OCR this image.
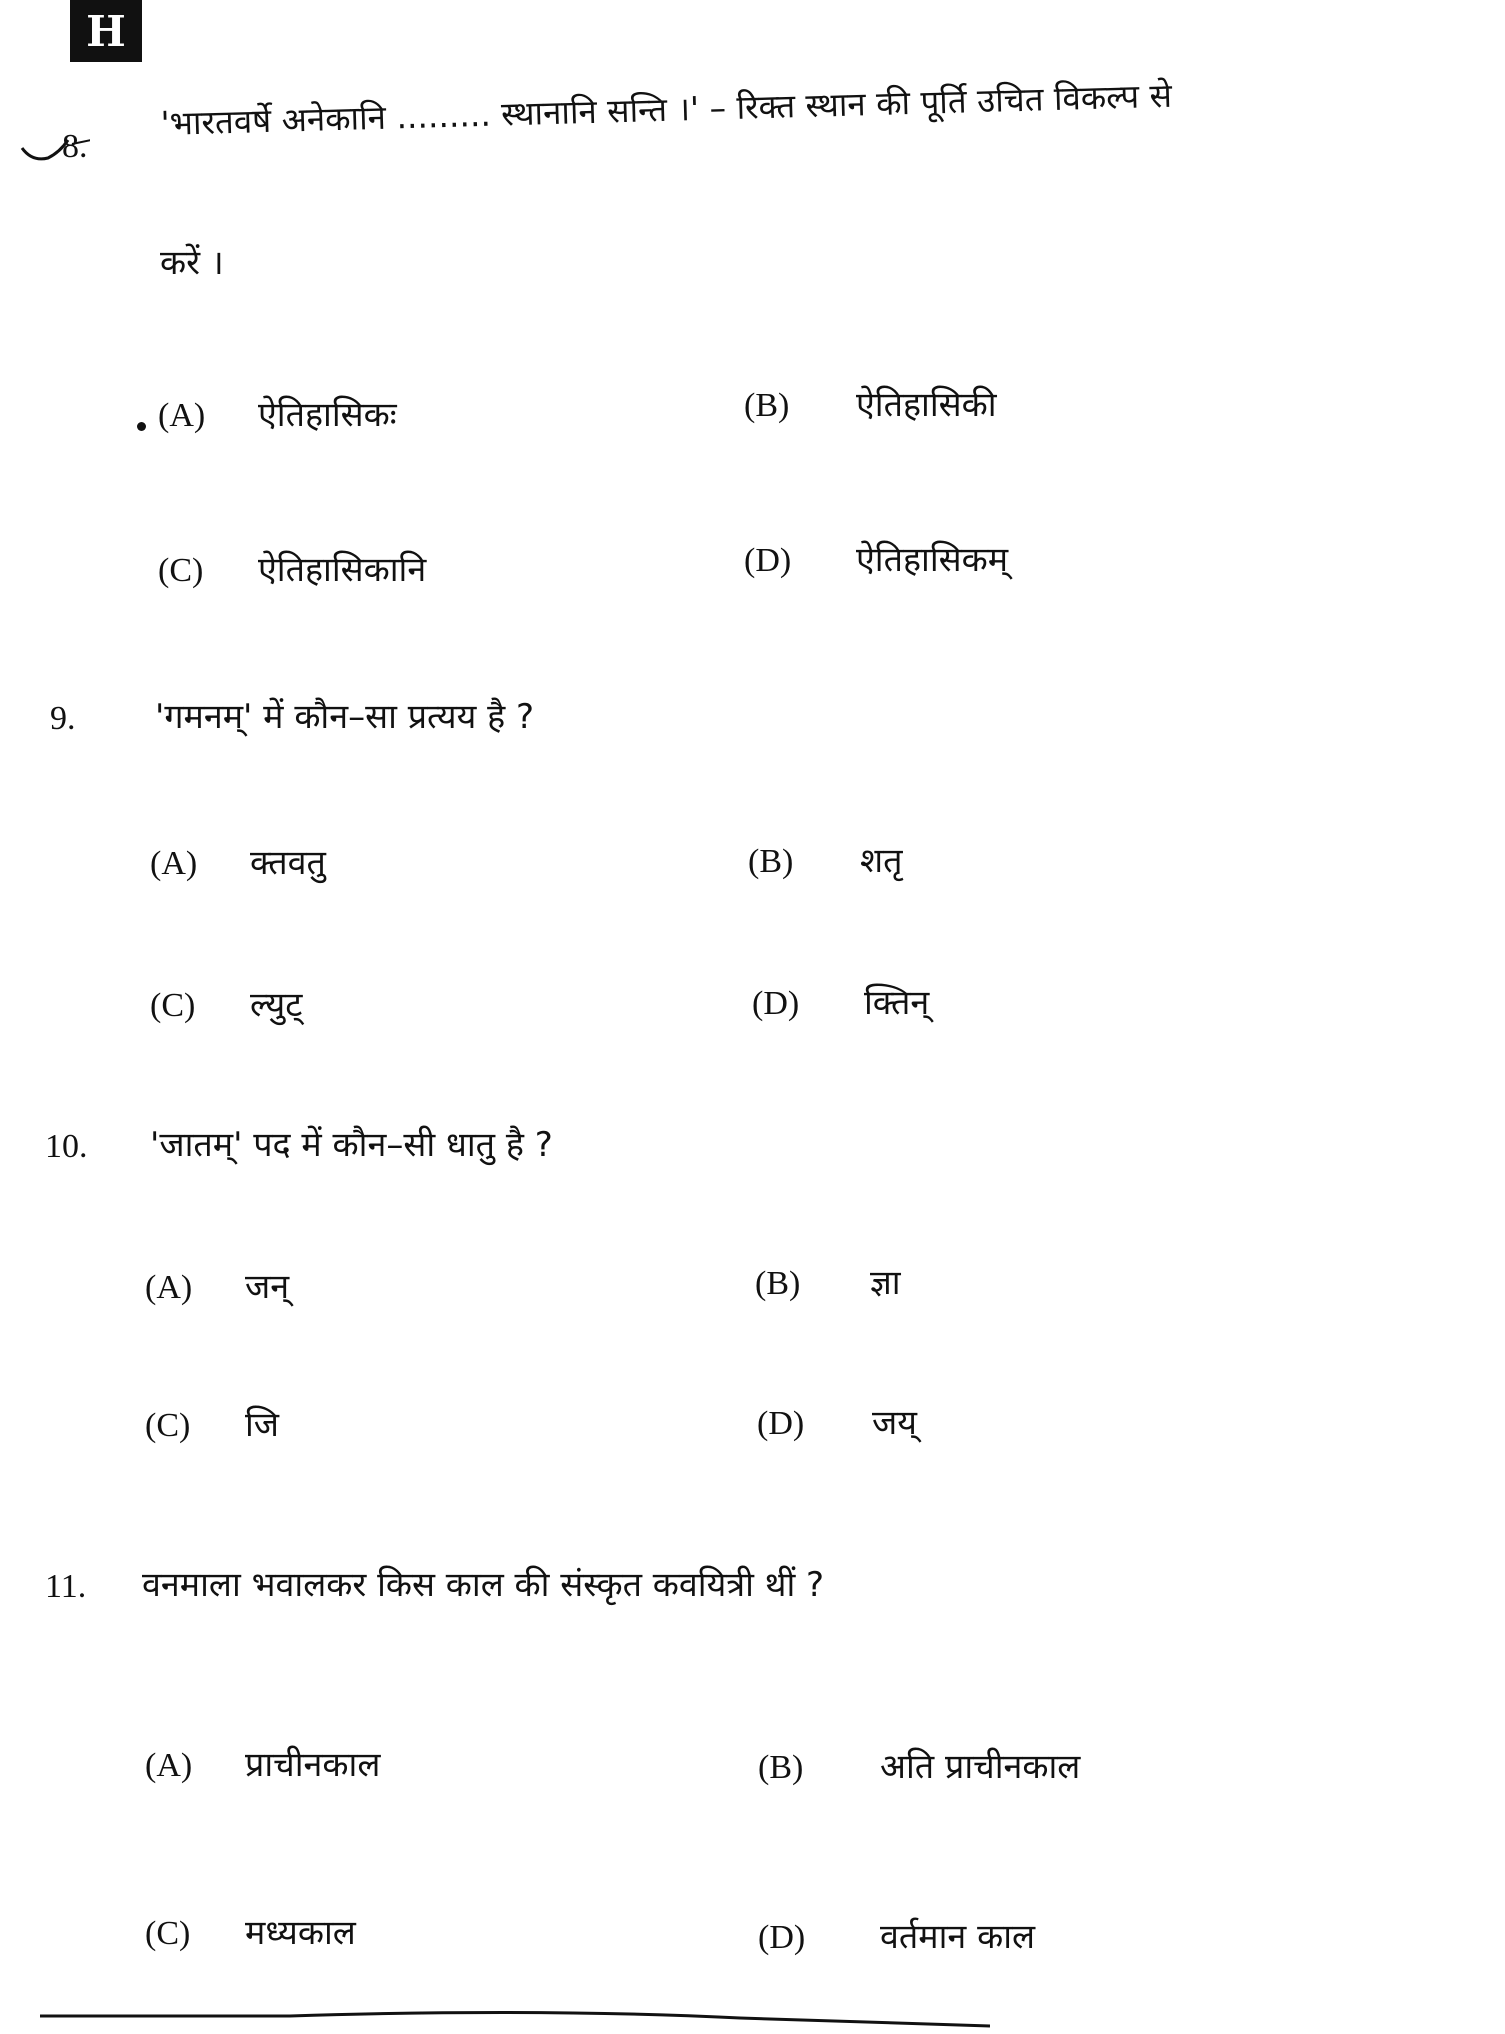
H
8.
'भारतवर्षे अनेकानि ......... स्थानानि सन्ति ।' – रिक्त स्थान की पूर्ति उचित विकल्प से
करें ।
(A)	ऐतिहासिकः	(B)	ऐतिहासिकी
(C)	ऐतिहासिकानि	(D)	ऐतिहासिकम्
9. 'गमनम्' में कौन–सा प्रत्यय है ?
(A)	क्तवतु	(B)	शतृ
(C)	ल्युट्	(D)	क्तिन्
10. 'जातम्' पद में कौन–सी धातु है ?
(A)	जन्	(B)	ज्ञा
(C)	जि	(D)	जय्
11. वनमाला भवालकर किस काल की संस्कृत कवयित्री थीं ?
(A)	प्राचीनकाल	(B)	अति प्राचीनकाल
(C)	मध्यकाल	(D)	वर्तमान काल
